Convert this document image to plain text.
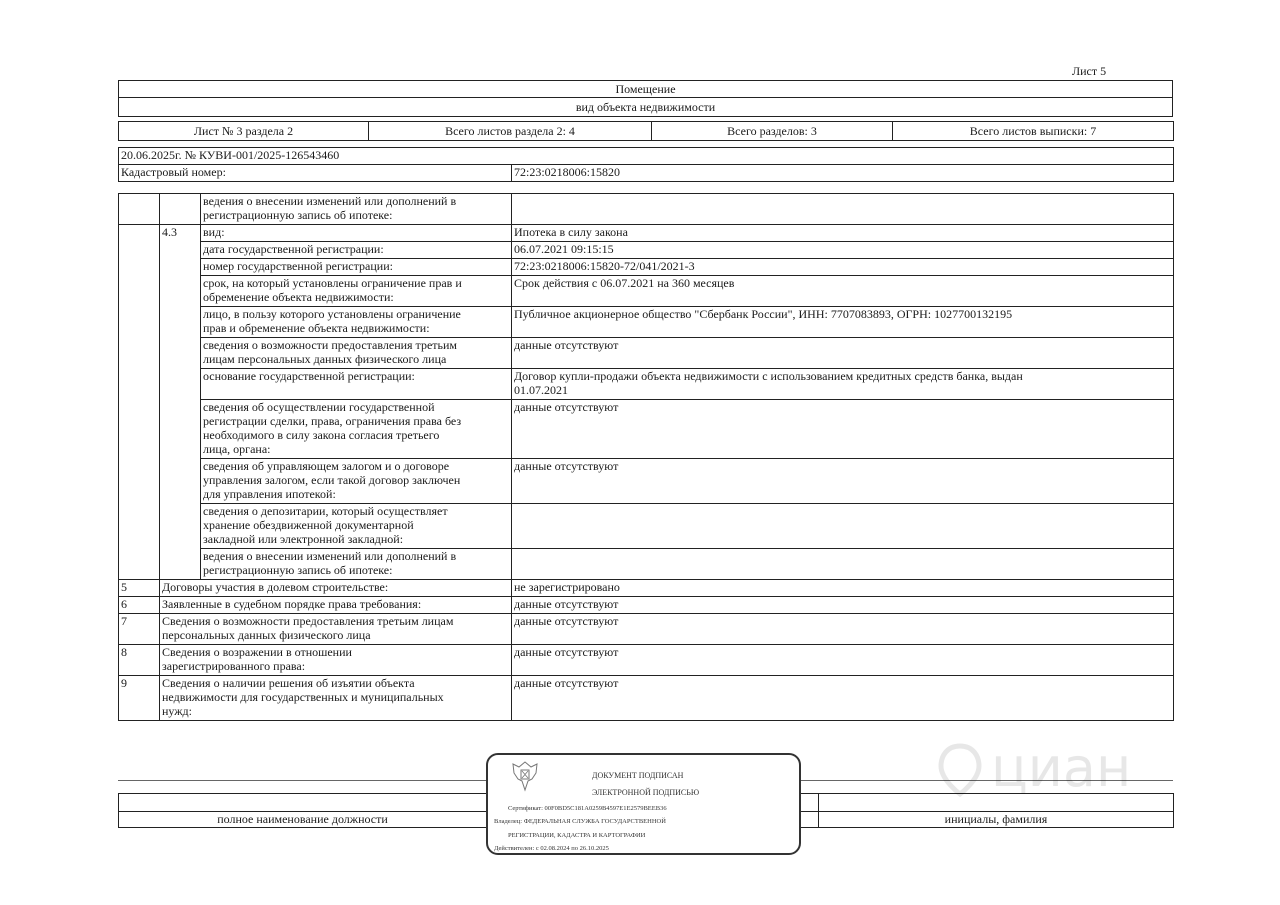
Лист 5
Помещение
вид объекта недвижимости
Лист № 3 раздела 2	Всего листов раздела 2: 4	Всего разделов: 3	Всего листов выписки: 7
20.06.2025г. № КУВИ-001/2025-126543460
Кадастровый номер:	72:23:0218006:15820
		ведения о внесении изменений или дополнений в
регистрационную запись об ипотеке:	
	4.3	вид:	Ипотека в силу закона
		дата государственной регистрации:	06.07.2021 09:15:15
		номер государственной регистрации:	72:23:0218006:15820-72/041/2021-3
		срок, на который установлены ограничение прав и
обременение объекта недвижимости:	Срок действия с 06.07.2021 на 360 месяцев
		лицо, в пользу которого установлены ограничение
прав и обременение объекта недвижимости:	Публичное акционерное общество "Сбербанк России", ИНН: 7707083893, ОГРН: 1027700132195
		сведения о возможности предоставления третьим
лицам персональных данных физического лица	данные отсутствуют
		основание государственной регистрации:	Договор купли-продажи объекта недвижимости с использованием кредитных средств банка, выдан
01.07.2021
		сведения об осуществлении государственной
регистрации сделки, права, ограничения права без
необходимого в силу закона согласия третьего
лица, органа:	данные отсутствуют
		сведения об управляющем залогом и о договоре
управления залогом, если такой договор заключен
для управления ипотекой:	данные отсутствуют
		сведения о депозитарии, который осуществляет
хранение обездвиженной документарной
закладной или электронной закладной:	
		ведения о внесении изменений или дополнений в
регистрационную запись об ипотеке:	
5	Договоры участия в долевом строительстве:		не зарегистрировано
6	Заявленные в судебном порядке права требования:		данные отсутствуют
7	Сведения о возможности предоставления третьим лицам
персональных данных физического лица		данные отсутствуют
8	Сведения о возражении в отношении
зарегистрированного права:		данные отсутствуют
9	Сведения о наличии решения об изъятии объекта
недвижимости для государственных и муниципальных
нужд:		данные отсутствуют

полное наименование должности		инициалы, фамилия
ДОКУМЕНТ ПОДПИСАН
ЭЛЕКТРОННОЙ ПОДПИСЬЮ
Сертификат: 00F0BD5C181A0259B4597E1E2579BEEB36
Владелец: ФЕДЕРАЛЬНАЯ СЛУЖБА ГОСУДАРСТВЕННОЙ
РЕГИСТРАЦИИ, КАДАСТРА И КАРТОГРАФИИ
Действителен: с 02.08.2024 по 26.10.2025
циан
